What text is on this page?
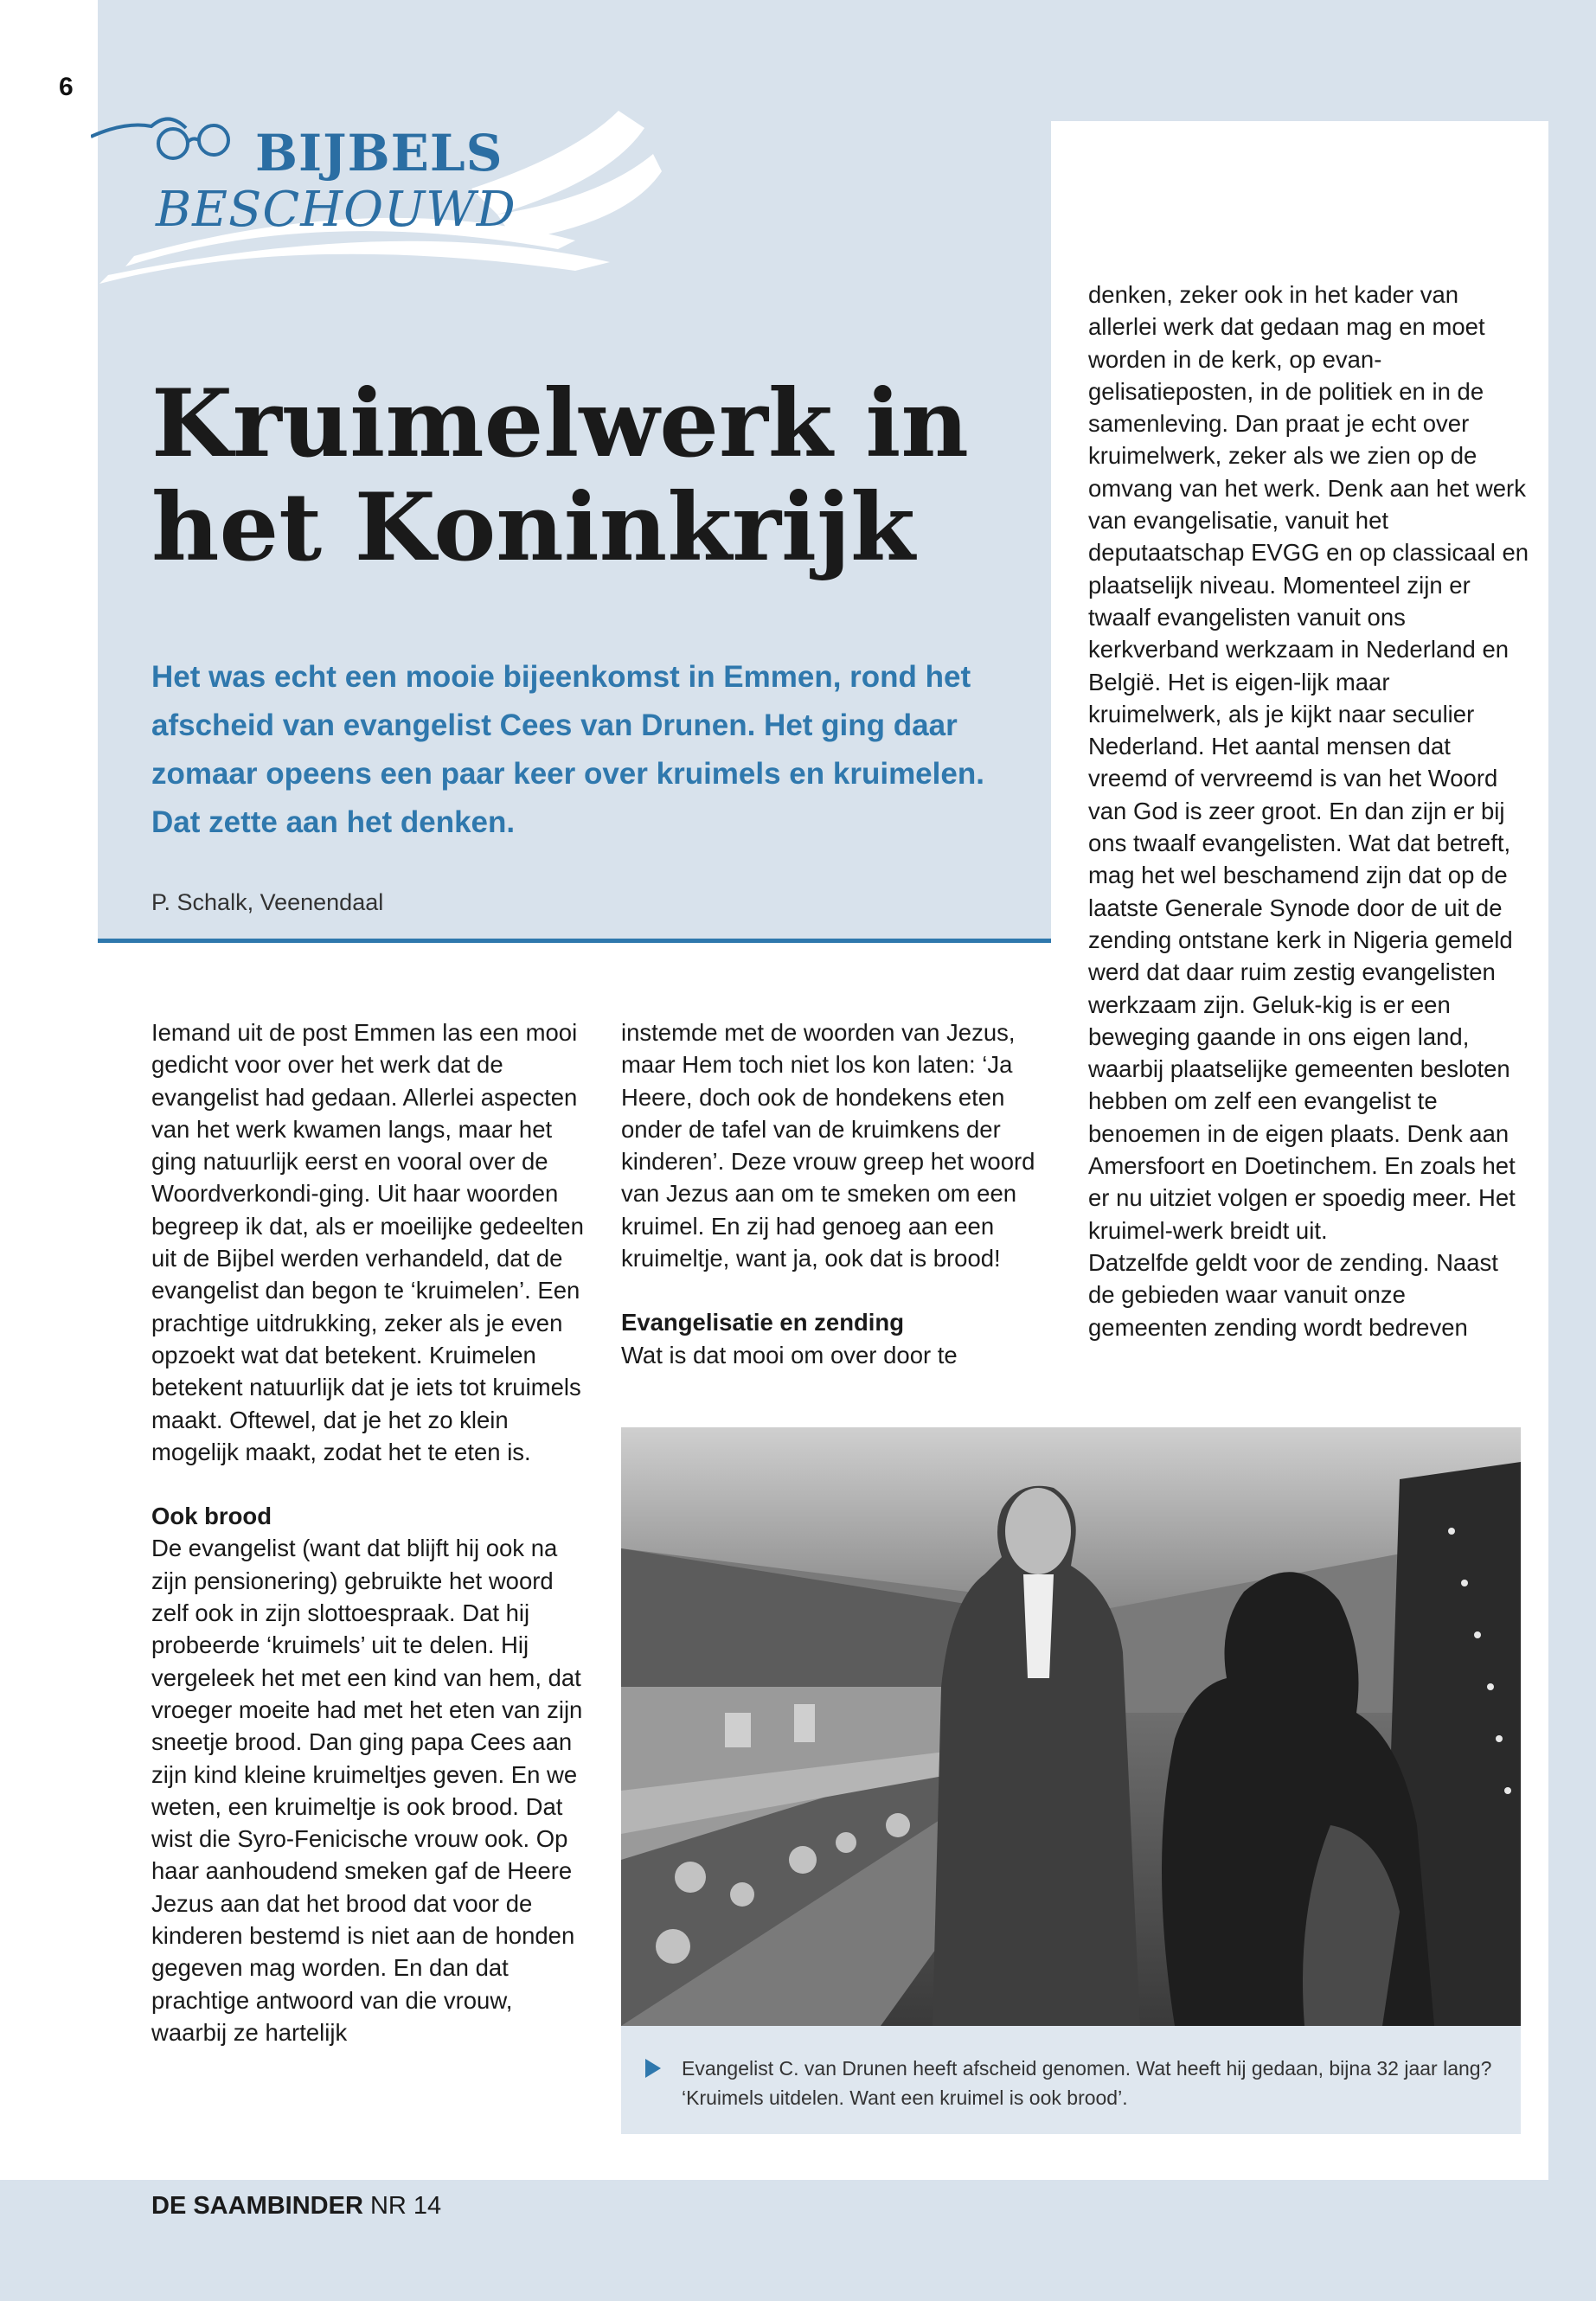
6
BIJBELS
BESCHOUWD
Kruimelwerk in
het Koninkrijk

Het was echt een mooie bijeenkomst in Emmen, rond het afscheid van evangelist Cees van Drunen. Het ging daar zomaar opeens een paar keer over kruimels en kruimelen. Dat zette aan het denken.

P. Schalk, Veenendaal

Iemand uit de post Emmen las een mooi gedicht voor over het werk dat de evangelist had gedaan. Allerlei aspecten van het werk kwamen langs, maar het ging natuurlijk eerst en vooral over de Woordverkondi-ging. Uit haar woorden begreep ik dat, als er moeilijke gedeelten uit de Bijbel werden verhandeld, dat de evangelist dan begon te ‘kruimelen’. Een prachtige uitdrukking, zeker als je even opzoekt wat dat betekent. Kruimelen betekent natuurlijk dat je iets tot kruimels maakt. Oftewel, dat je het zo klein mogelijk maakt, zodat het te eten is.

Ook brood

De evangelist (want dat blijft hij ook na zijn pensionering) gebruikte het woord zelf ook in zijn slottoespraak. Dat hij probeerde ‘kruimels’ uit te delen. Hij vergeleek het met een kind van hem, dat vroeger moeite had met het eten van zijn sneetje brood. Dan ging papa Cees aan zijn kind kleine kruimeltjes geven. En we weten, een kruimeltje is ook brood. Dat wist die Syro-Fenicische vrouw ook. Op haar aanhoudend smeken gaf de Heere Jezus aan dat het brood dat voor de kinderen bestemd is niet aan de honden gegeven mag worden. En dan dat prachtige antwoord van die vrouw, waarbij ze hartelijk

instemde met de woorden van Jezus, maar Hem toch niet los kon laten: ‘Ja Heere, doch ook de hondekens eten onder de tafel van de kruimkens der kinderen’. Deze vrouw greep het woord van Jezus aan om te smeken om een kruimel. En zij had genoeg aan een kruimeltje, want ja, ook dat is brood!

Evangelisatie en zending

Wat is dat mooi om over door te

denken, zeker ook in het kader van allerlei werk dat gedaan mag en moet worden in de kerk, op evan-gelisatieposten, in de politiek en in de samenleving. Dan praat je echt over kruimelwerk, zeker als we zien op de omvang van het werk. Denk aan het werk van evangelisatie, vanuit het deputaatschap EVGG en op classicaal en plaatselijk niveau. Momenteel zijn er twaalf evangelisten vanuit ons kerkverband werkzaam in Nederland en België. Het is eigen-lijk maar kruimelwerk, als je kijkt naar seculier Nederland. Het aantal mensen dat vreemd of vervreemd is van het Woord van God is zeer groot. En dan zijn er bij ons twaalf evangelisten. Wat dat betreft, mag het wel beschamend zijn dat op de laatste Generale Synode door de uit de zending ontstane kerk in Nigeria gemeld werd dat daar ruim zestig evangelisten werkzaam zijn. Geluk-kig is er een beweging gaande in ons eigen land, waarbij plaatselijke gemeenten besloten hebben om zelf een evangelist te benoemen in de eigen plaats. Denk aan Amersfoort en Doetinchem. En zoals het er nu uitziet volgen er spoedig meer. Het kruimel-werk breidt uit.

Datzelfde geldt voor de zending. Naast de gebieden waar vanuit onze gemeenten zending wordt bedreven

Evangelist C. van Drunen heeft afscheid genomen. Wat heeft hij gedaan, bijna 32 jaar lang? ‘Kruimels uitdelen. Want een kruimel is ook brood’.

DE SAAMBINDER NR 14
